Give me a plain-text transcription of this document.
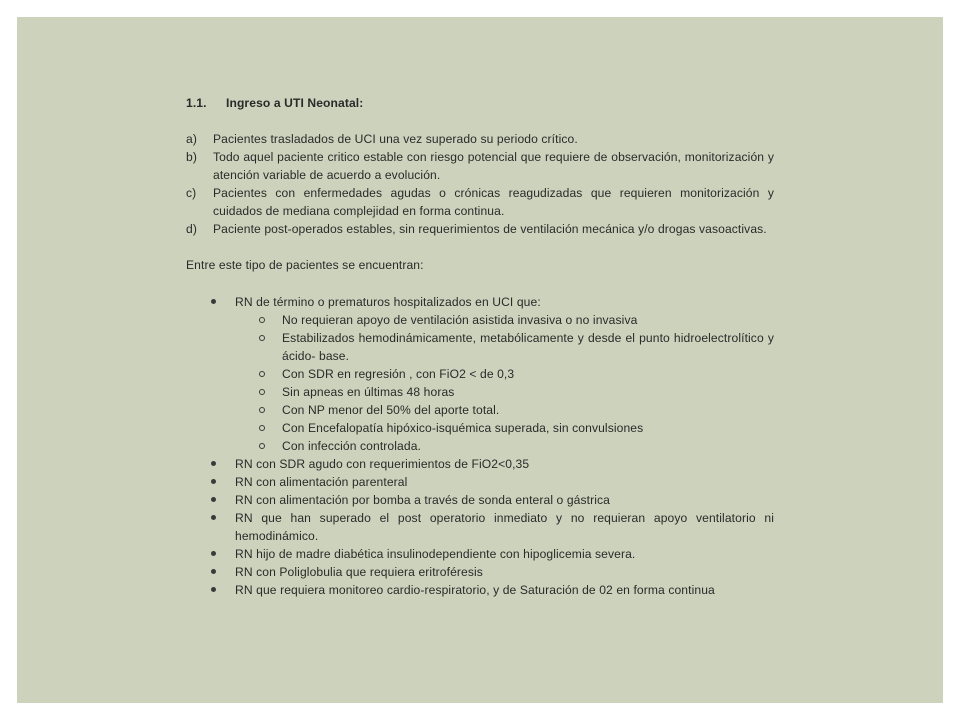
1.1. Ingreso a UTI Neonatal:
a)	Pacientes trasladados de UCI una vez superado su periodo crítico.
b)	Todo aquel paciente critico estable con riesgo potencial que requiere de observación, monitorización y atención variable de acuerdo a evolución.
c)	Pacientes con enfermedades agudas o crónicas reagudizadas que requieren monitorización y cuidados de mediana complejidad en forma continua.
d)	Paciente post-operados estables, sin requerimientos de ventilación mecánica y/o drogas vasoactivas.
Entre este tipo de pacientes se encuentran:
RN de término o prematuros hospitalizados en UCI que:
No requieran apoyo de ventilación asistida invasiva o no invasiva
Estabilizados hemodinámicamente, metabólicamente y desde el punto hidroelectrolítico y ácido- base.
Con SDR en regresión , con FiO2 < de 0,3
Sin apneas en últimas 48 horas
Con NP menor del 50% del aporte total.
Con Encefalopatía hipóxico-isquémica superada, sin convulsiones
Con infección controlada.
RN con SDR agudo con requerimientos de FiO2<0,35
RN con alimentación parenteral
RN con alimentación por bomba a través de sonda enteral o gástrica
RN que han superado el post operatorio inmediato y no requieran apoyo ventilatorio ni hemodinámico.
RN hijo de madre diabética insulinodependiente con hipoglicemia severa.
RN con Poliglobulia que requiera eritroféresis
RN que requiera monitoreo cardio-respiratorio, y de Saturación de 02 en forma continua
